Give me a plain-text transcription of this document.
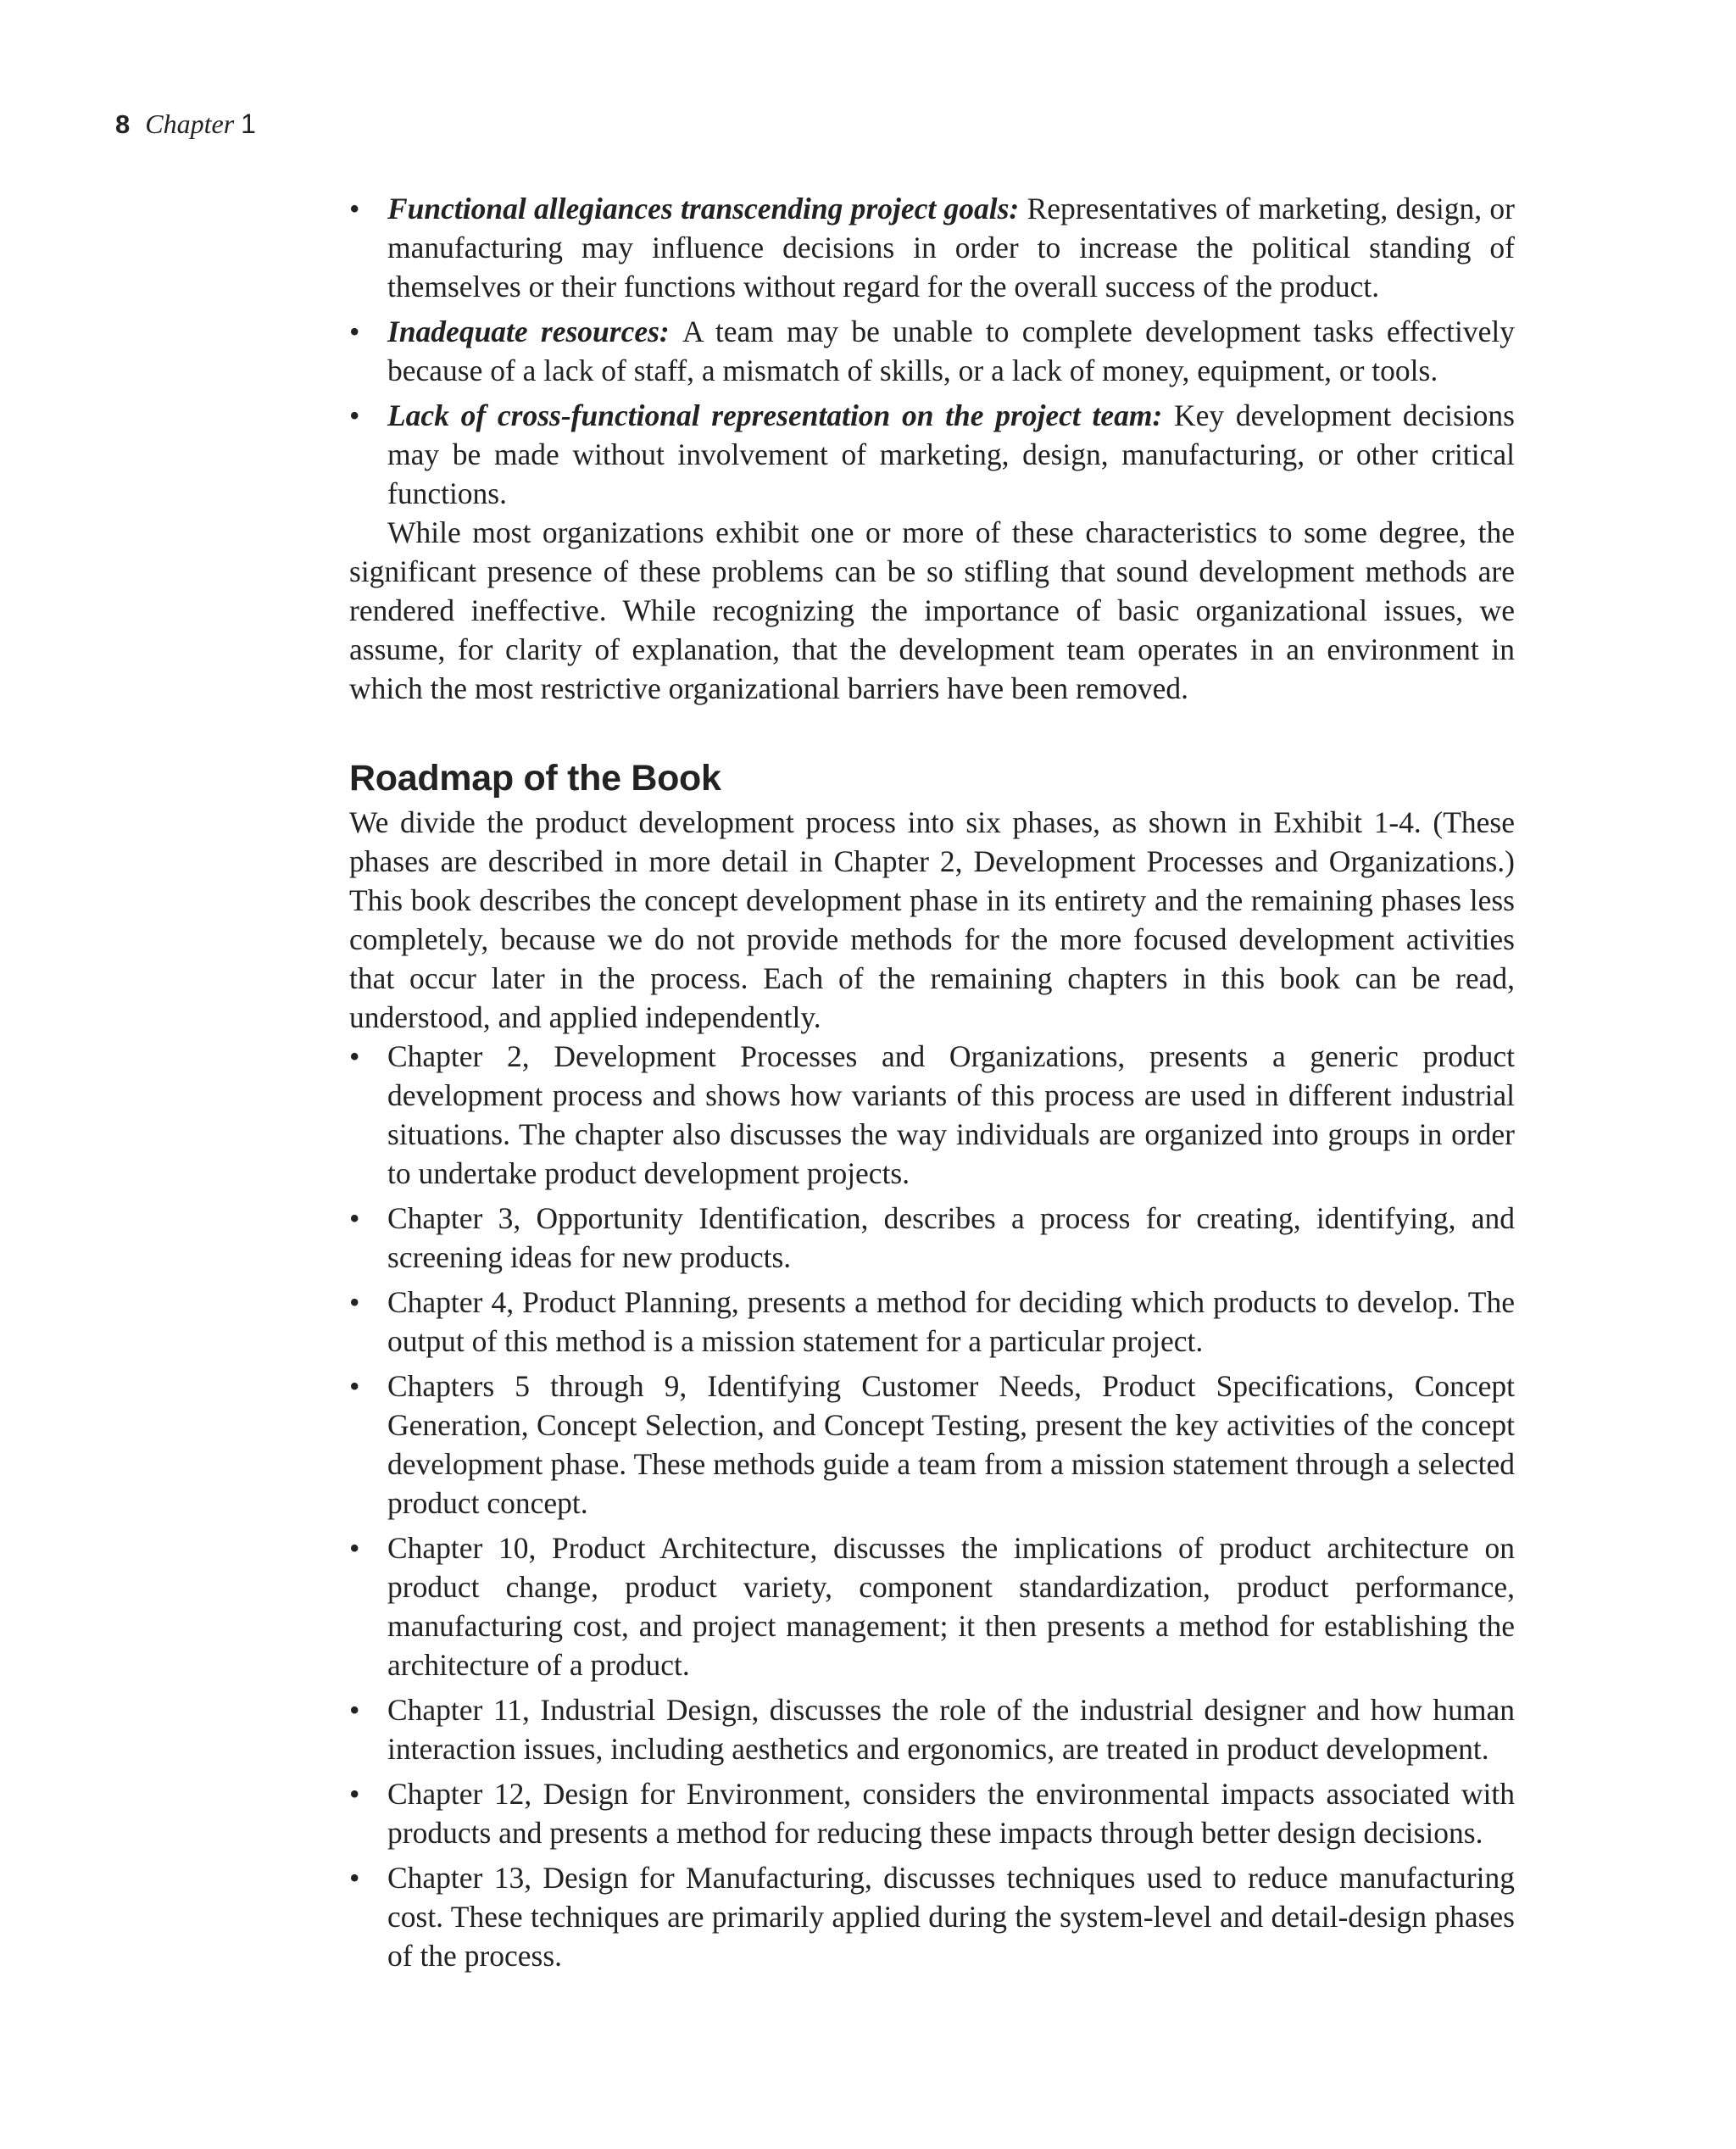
8 Chapter 1
• Functional allegiances transcending project goals: Representatives of marketing, design, or manufacturing may influence decisions in order to increase the political standing of themselves or their functions without regard for the overall success of the product.
• Inadequate resources: A team may be unable to complete development tasks effectively because of a lack of staff, a mismatch of skills, or a lack of money, equipment, or tools.
• Lack of cross-functional representation on the project team: Key development decisions may be made without involvement of marketing, design, manufacturing, or other critical functions.

While most organizations exhibit one or more of these characteristics to some degree, the significant presence of these problems can be so stifling that sound development methods are rendered ineffective. While recognizing the importance of basic organizational issues, we assume, for clarity of explanation, that the development team operates in an environment in which the most restrictive organizational barriers have been removed.

Roadmap of the Book

We divide the product development process into six phases, as shown in Exhibit 1-4. (These phases are described in more detail in Chapter 2, Development Processes and Organizations.) This book describes the concept development phase in its entirety and the remaining phases less completely, because we do not provide methods for the more focused development activities that occur later in the process. Each of the remaining chapters in this book can be read, understood, and applied independently.

• Chapter 2, Development Processes and Organizations, presents a generic product development process and shows how variants of this process are used in different industrial situations. The chapter also discusses the way individuals are organized into groups in order to undertake product development projects.
• Chapter 3, Opportunity Identification, describes a process for creating, identifying, and screening ideas for new products.
• Chapter 4, Product Planning, presents a method for deciding which products to develop. The output of this method is a mission statement for a particular project.
• Chapters 5 through 9, Identifying Customer Needs, Product Specifications, Concept Generation, Concept Selection, and Concept Testing, present the key activities of the concept development phase. These methods guide a team from a mission statement through a selected product concept.
• Chapter 10, Product Architecture, discusses the implications of product architecture on product change, product variety, component standardization, product performance, manufacturing cost, and project management; it then presents a method for establishing the architecture of a product.
• Chapter 11, Industrial Design, discusses the role of the industrial designer and how human interaction issues, including aesthetics and ergonomics, are treated in product development.
• Chapter 12, Design for Environment, considers the environmental impacts associated with products and presents a method for reducing these impacts through better design decisions.
• Chapter 13, Design for Manufacturing, discusses techniques used to reduce manufacturing cost. These techniques are primarily applied during the system-level and detail-design phases of the process.
